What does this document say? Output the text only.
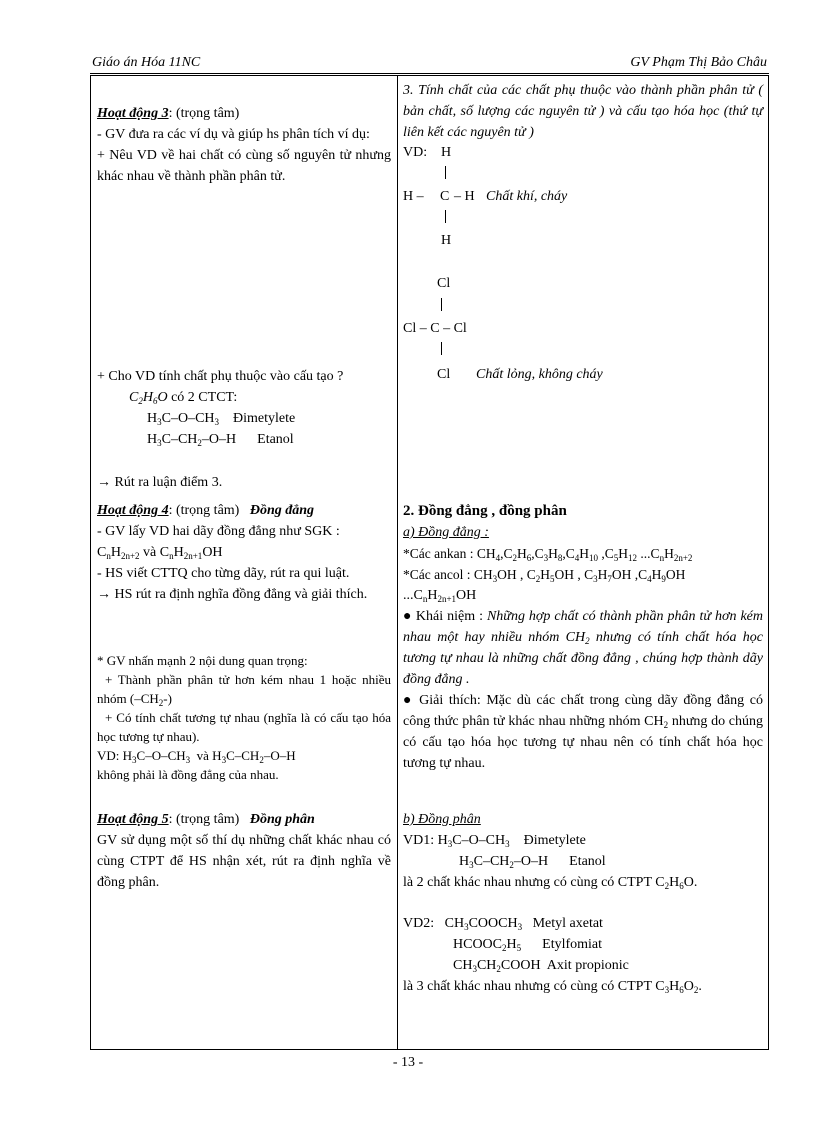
Giáo án Hóa 11NC	GV Phạm Thị Bảo Châu

Hoạt động 3: (trọng tâm)

- GV đưa ra các ví dụ và giúp hs phân tích ví dụ:

+ Nêu VD về hai chất có cùng số nguyên tử nhưng khác nhau về thành phần phân tử.

+ Cho VD tính chất phụ thuộc vào cấu tạo ?

$C_2H_6O$ có 2 CTCT:

$H_3C-O-CH_3$    Đimetylete

$H_3C-CH_2-O-H$      Etanol

→ Rút ra luận điểm 3.

Hoạt động 4: (trọng tâm) Đồng đẳng

- GV lấy VD hai dãy đồng đẳng như SGK :

$C_nH_{2n+2}$ và $C_nH_{2n+1}OH$

- HS viết CTTQ cho từng dãy, rút ra qui luật.

→ HS rút ra định nghĩa đồng đẳng và giải thích.

* GV nhấn mạnh 2 nội dung quan trọng:

+ Thành phần phân tử hơn kém nhau 1 hoặc nhiều nhóm $(-CH_2-)$

+ Có tính chất tương tự nhau (nghĩa là có cấu tạo hóa học tương tự nhau).

VD: $H_3C-O-CH_3$  và $H_3C-CH_2-O-H$

không phải là đồng đẳng của nhau.

Hoạt động 5: (trọng tâm) Đồng phân

GV sử dụng một số thí dụ những chất khác nhau có cùng CTPT để HS nhận xét, rút ra định nghĩa về đồng phân.

3. Tính chất của các chất phụ thuộc vào thành phần phân tử ( bản chất, số lượng các nguyên tử ) và cấu tạo hóa học (thứ tự liên kết các nguyên tử )

VD: H
H – C – H Chất khí, cháy
H
Cl
Cl – C – Cl
Cl Chất lỏng, không cháy

2. Đồng đẳng , đồng phân

a) Đồng đẳng :

*Các ankan : $CH_4,C_2H_6,C_3H_8,C_4H_{10}$ $,C_5H_{12}$ $...C_nH_{2n+2}$

*Các ancol : $CH_3OH$ , $C_2H_5OH$ , $C_3H_7OH$ $,C_4H_9OH$

$...C_nH_{2n+1}OH$

● Khái niệm : Những hợp chất có thành phần phân tử hơn kém nhau một hay nhiều nhóm $CH_2$ nhưng có tính chất hóa học tương tự nhau là những chất đồng đẳng , chúng hợp thành dãy đồng đẳng .

● Giải thích: Mặc dù các chất trong cùng dãy đồng đẳng có công thức phân tử khác nhau những nhóm $CH_2$ nhưng do chúng có cấu tạo hóa học tương tự nhau nên có tính chất hóa học tương tự nhau.

b) Đồng phân

VD1: $H_3C-O-CH_3$    Đimetylete

$H_3C-CH_2-O-H$      Etanol

là 2 chất khác nhau nhưng có cùng có CTPT $C_2H_6O$.

VD2:   $CH_3COOCH_3$   Metyl axetat

$HCOOC_2H_5$      Etylfomiat

$CH_3CH_2COOH$  Axit propionic

là 3 chất khác nhau nhưng có cùng có CTPT $C_3H_6O_2$.

- 13 -
